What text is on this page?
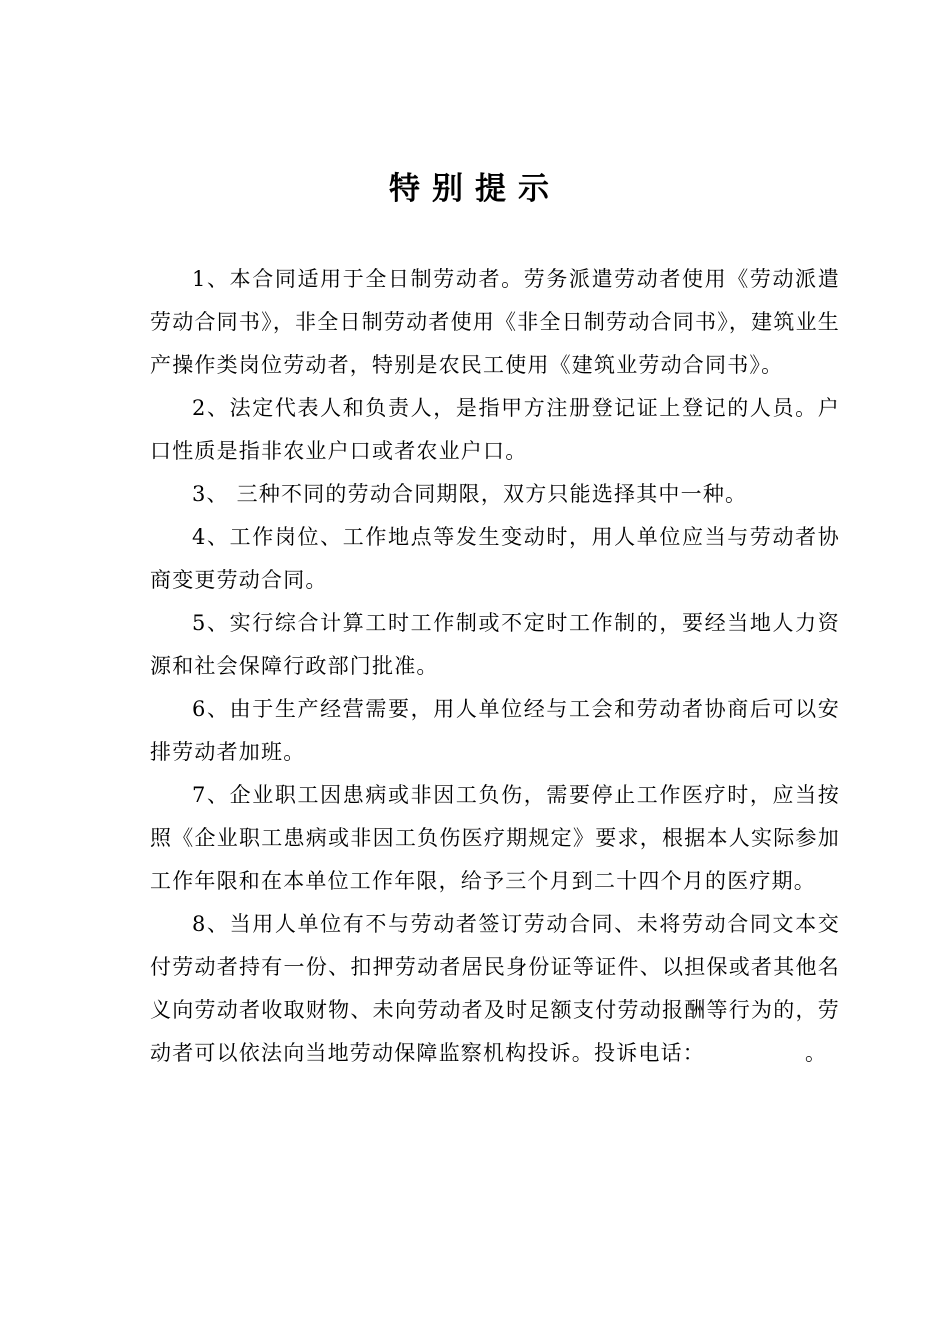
特别提示

1、本合同适用于全日制劳动者。劳务派遣劳动者使用《劳动派遣劳动合同书》，非全日制劳动者使用《非全日制劳动合同书》，建筑业生产操作类岗位劳动者，特别是农民工使用《建筑业劳动合同书》。

2、法定代表人和负责人，是指甲方注册登记证上登记的人员。户口性质是指非农业户口或者农业户口。

3、 三种不同的劳动合同期限，双方只能选择其中一种。

4、工作岗位、工作地点等发生变动时，用人单位应当与劳动者协商变更劳动合同。

5、实行综合计算工时工作制或不定时工作制的，要经当地人力资源和社会保障行政部门批准。

6、由于生产经营需要，用人单位经与工会和劳动者协商后可以安排劳动者加班。

7、企业职工因患病或非因工负伤，需要停止工作医疗时，应当按照《企业职工患病或非因工负伤医疗期规定》要求，根据本人实际参加工作年限和在本单位工作年限，给予三个月到二十四个月的医疗期。

8、当用人单位有不与劳动者签订劳动合同、未将劳动合同文本交付劳动者持有一份、扣押劳动者居民身份证等证件、以担保或者其他名义向劳动者收取财物、未向劳动者及时足额支付劳动报酬等行为的，劳动者可以依法向当地劳动保障监察机构投诉。投诉电话：	。
